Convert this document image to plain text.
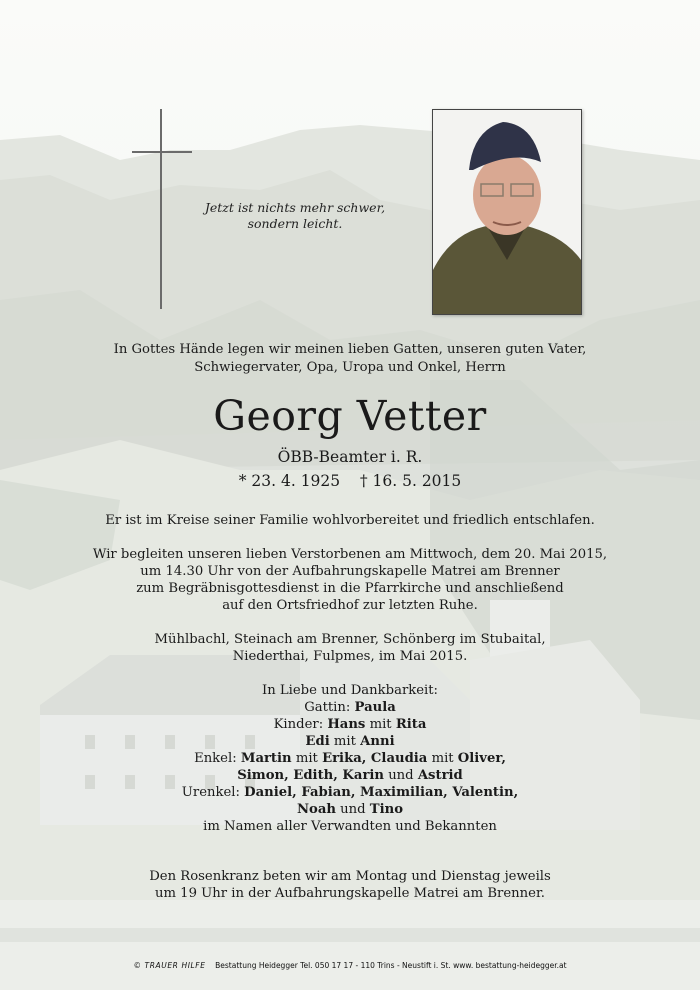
Jetzt ist nichts mehr schwer,
sondern leicht.
In Gottes Hände legen wir meinen lieben Gatten, unseren guten Vater,
Schwiegervater, Opa, Uropa und Onkel, Herrn
Georg Vetter
ÖBB-Beamter i. R.
* 23. 4. 1925    † 16. 5. 2015
Er ist im Kreise seiner Familie wohlvorbereitet und friedlich entschlafen.
Wir begleiten unseren lieben Verstorbenen am Mittwoch, dem 20. Mai 2015,
um 14.30 Uhr von der Aufbahrungskapelle Matrei am Brenner
zum Begräbnisgottesdienst in die Pfarrkirche und anschließend
auf den Ortsfriedhof zur letzten Ruhe.
Mühlbachl, Steinach am Brenner, Schönberg im Stubaital,
Niederthai, Fulpmes, im Mai 2015.
In Liebe und Dankbarkeit:
Gattin: Paula
Kinder: Hans mit Rita
Edi mit Anni
Enkel: Martin mit Erika, Claudia mit Oliver,
Simon, Edith, Karin und Astrid
Urenkel: Daniel, Fabian, Maximilian, Valentin,
Noah und Tino
im Namen aller Verwandten und Bekannten
Den Rosenkranz beten wir am Montag und Dienstag jeweils
um 19 Uhr in der Aufbahrungskapelle Matrei am Brenner.
© TRAUER HILFE Bestattung Heidegger Tel. 050 17 17 - 110 Trins - Neustift i. St. www. bestattung-heidegger.at
